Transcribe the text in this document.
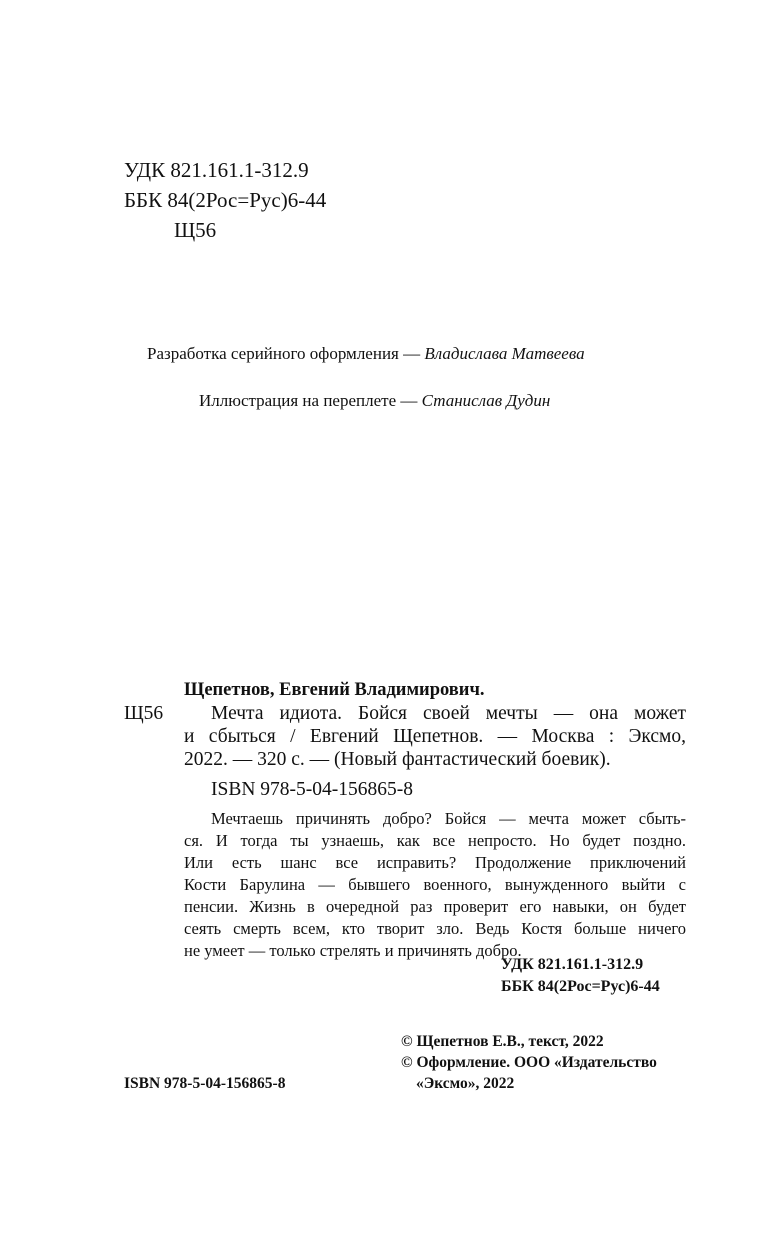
УДК 821.161.1-312.9
ББК 84(2Рос=Рус)6-44
Щ56
Разработка серийного оформления — Владислава Матвеева
Иллюстрация на переплете — Станислав Дудин
Щепетнов, Евгений Владимирович.
Щ56	Мечта идиота. Бойся своей мечты — она может
и сбыться / Евгений Щепетнов. — Москва : Эксмо,
2022. — 320 с. — (Новый фантастический боевик).
ISBN 978-5-04-156865-8
Мечтаешь причинять добро? Бойся — мечта может сбыть-
ся. И тогда ты узнаешь, как все непросто. Но будет поздно.
Или есть шанс все исправить? Продолжение приключений
Кости Барулина — бывшего военного, вынужденного выйти с
пенсии. Жизнь в очередной раз проверит его навыки, он будет
сеять смерть всем, кто творит зло. Ведь Костя больше ничего
не умеет — только стрелять и причинять добро.
УДК 821.161.1-312.9
ББК 84(2Рос=Рус)6-44
© Щепетнов Е.В., текст, 2022
© Оформление. ООО «Издательство
«Эксмо», 2022
ISBN 978-5-04-156865-8
